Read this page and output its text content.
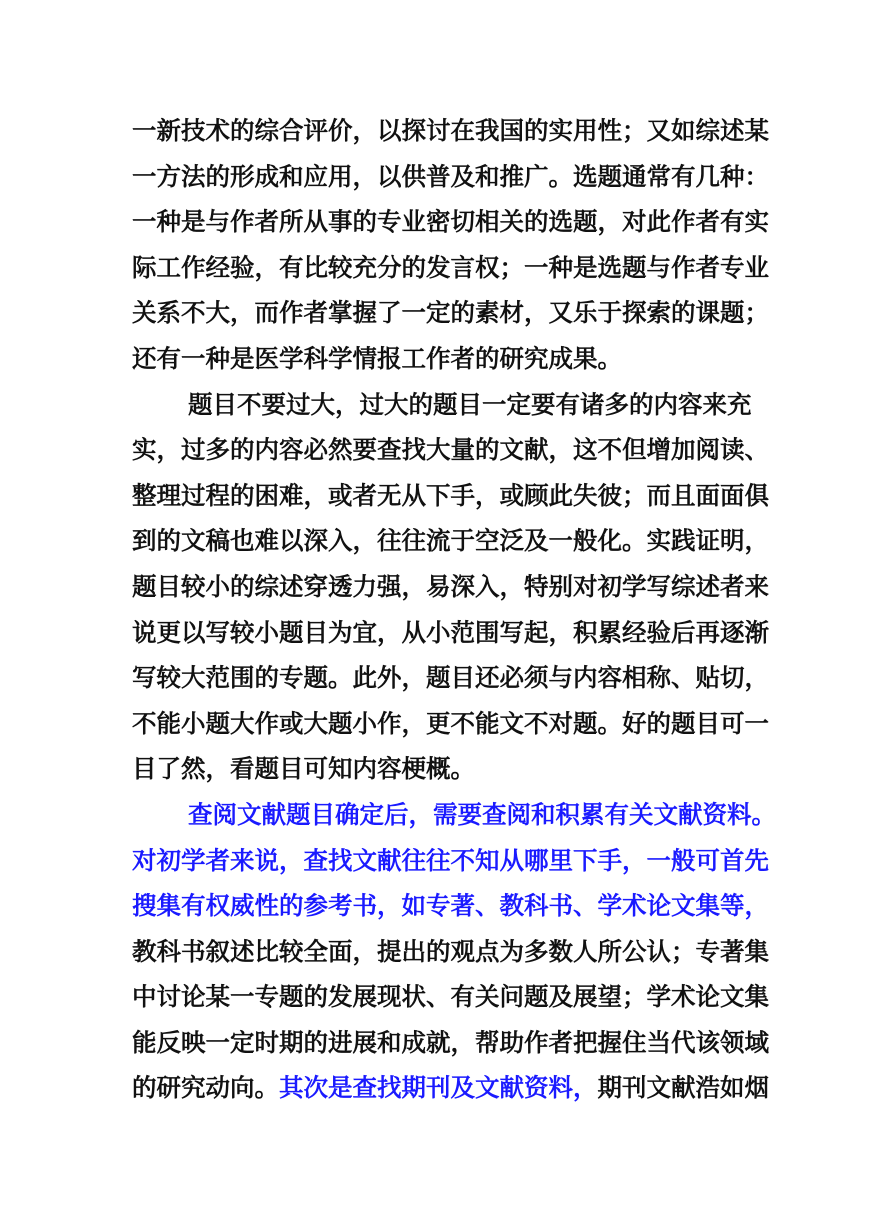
一新技术的综合评价，以探讨在我国的实用性；又如综述某
一方法的形成和应用，以供普及和推广。选题通常有几种：
一种是与作者所从事的专业密切相关的选题，对此作者有实
际工作经验，有比较充分的发言权；一种是选题与作者专业
关系不大，而作者掌握了一定的素材，又乐于探索的课题；
还有一种是医学科学情报工作者的研究成果。
题目不要过大，过大的题目一定要有诸多的内容来充
实，过多的内容必然要查找大量的文献，这不但增加阅读、
整理过程的困难，或者无从下手，或顾此失彼；而且面面俱
到的文稿也难以深入，往往流于空泛及一般化。实践证明，
题目较小的综述穿透力强，易深入，特别对初学写综述者来
说更以写较小题目为宜，从小范围写起，积累经验后再逐渐
写较大范围的专题。此外，题目还必须与内容相称、贴切，
不能小题大作或大题小作，更不能文不对题。好的题目可一
目了然，看题目可知内容梗概。
查阅文献题目确定后，需要查阅和积累有关文献资料。
对初学者来说，查找文献往往不知从哪里下手，一般可首先
搜集有权威性的参考书，如专著、教科书、学术论文集等，
教科书叙述比较全面，提出的观点为多数人所公认；专著集
中讨论某一专题的发展现状、有关问题及展望；学术论文集
能反映一定时期的进展和成就，帮助作者把握住当代该领域
的研究动向。其次是查找期刊及文献资料，期刊文献浩如烟
